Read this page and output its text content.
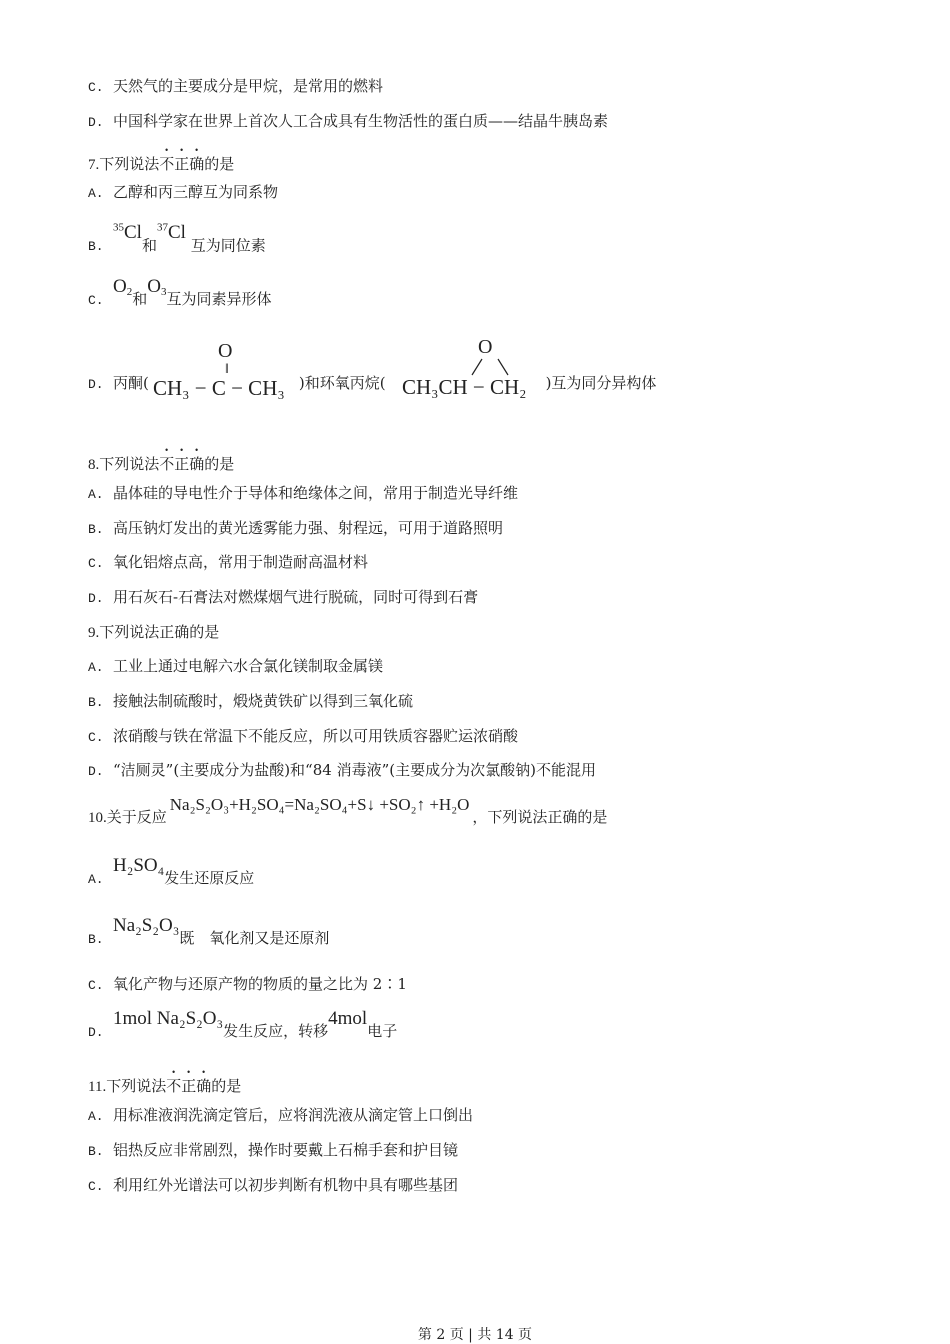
C. 天然气的主要成分是甲烷，是常用的燃料
D. 中国科学家在世界上首次人工合成具有生物活性的蛋白质——结晶牛胰岛素
7.下列说法不正确的是
A. 乙醇和丙三醇互为同系物
B.$^{35}$Cl和$^{37}$Cl 互为同位素
$C.O_2$和$O_3$互为同素异形体
D. 丙酮(	)和环氧丙烷(	)互为同分异构体
O
‖
CH₃ − C − CH₃
O
CH₃CH − CH₂
8.下列说法不正确的是
A. 晶体硅的导电性介于导体和绝缘体之间，常用于制造光导纤维
B. 高压钠灯发出的黄光透雾能力强、射程远，可用于道路照明
C. 氧化铝熔点高，常用于制造耐高温材料
D. 用石灰石-石膏法对燃煤烟气进行脱硫，同时可得到石膏
9.下列说法正确的是
A. 工业上通过电解六水合氯化镁制取金属镁
B. 接触法制硫酸时，煅烧黄铁矿以得到三氧化硫
C. 浓硝酸与铁在常温下不能反应，所以可用铁质容器贮运浓硝酸
D. “洁厕灵”(主要成分为盐酸)和“84 消毒液”(主要成分为次氯酸钠)不能混用
10.关于反应Na₂S₂O₃+H₂SO₄=Na₂SO₄+S↓ +SO₂↑ +H₂O，下列说法正确的是
A.H₂SO₄发生还原反应
B.Na₂S₂O₃既　氧化剂又是还原剂
C. 氧化产物与还原产物的物质的量之比为 2∶1
D.1mol Na₂S₂O₃发生反应，转移4mol电子
11.下列说法不正确的是
A. 用标准液润洗滴定管后，应将润洗液从滴定管上口倒出
B. 铝热反应非常剧烈，操作时要戴上石棉手套和护目镜
C. 利用红外光谱法可以初步判断有机物中具有哪些基团
第 2 页 | 共 14 页
